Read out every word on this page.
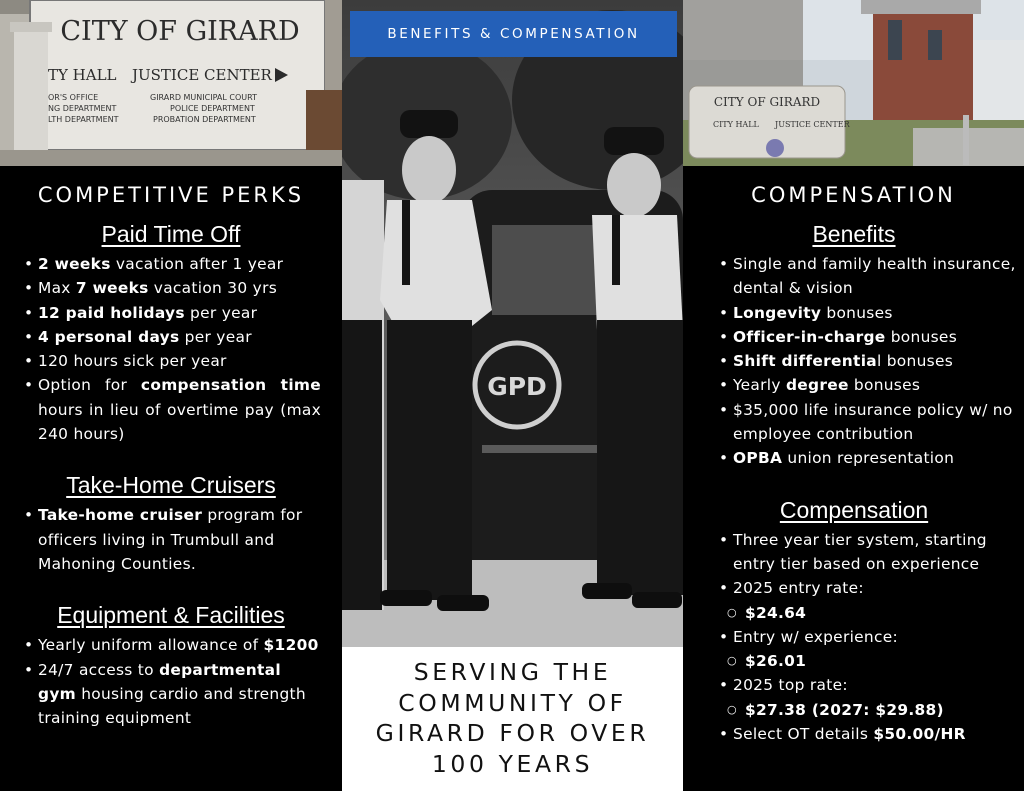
CITY OF GIRARD
TY HALL JUSTICE CENTER
OR'S OFFICE
NG DEPARTMENT
LTH DEPARTMENT
GIRARD MUNICIPAL COURT
POLICE DEPARTMENT
PROBATION DEPARTMENT
COMPETITIVE PERKS
Paid Time Off
• 2 weeks vacation after 1 year
• Max 7 weeks vacation 30 yrs
• 12 paid holidays per year
• 4 personal days per year
• 120 hours sick per year
• Option for compensation time hours in lieu of overtime pay (max 240 hours)
Take-Home Cruisers
• Take-home cruiser program for officers living in Trumbull and Mahoning Counties.
Equipment & Facilities
• Yearly uniform allowance of $1200
• 24/7 access to departmental gym housing cardio and strength training equipment
GPD
BENEFITS & COMPENSATION
SERVING THE
COMMUNITY OF
GIRARD FOR OVER
100 YEARS
CITY OF GIRARD
CITY HALL JUSTICE CENTER
COMPENSATION
Benefits
• Single and family health insurance, dental & vision
• Longevity bonuses
• Officer-in-charge bonuses
• Shift differential bonuses
• Yearly degree bonuses
• $35,000 life insurance policy w/ no employee contribution
• OPBA union representation
Compensation
• Three year tier system, starting entry tier based on experience
• 2025 entry rate:
○ $24.64
• Entry w/ experience:
○ $26.01
• 2025 top rate:
○ $27.38 (2027: $29.88)
• Select OT details $50.00/HR
